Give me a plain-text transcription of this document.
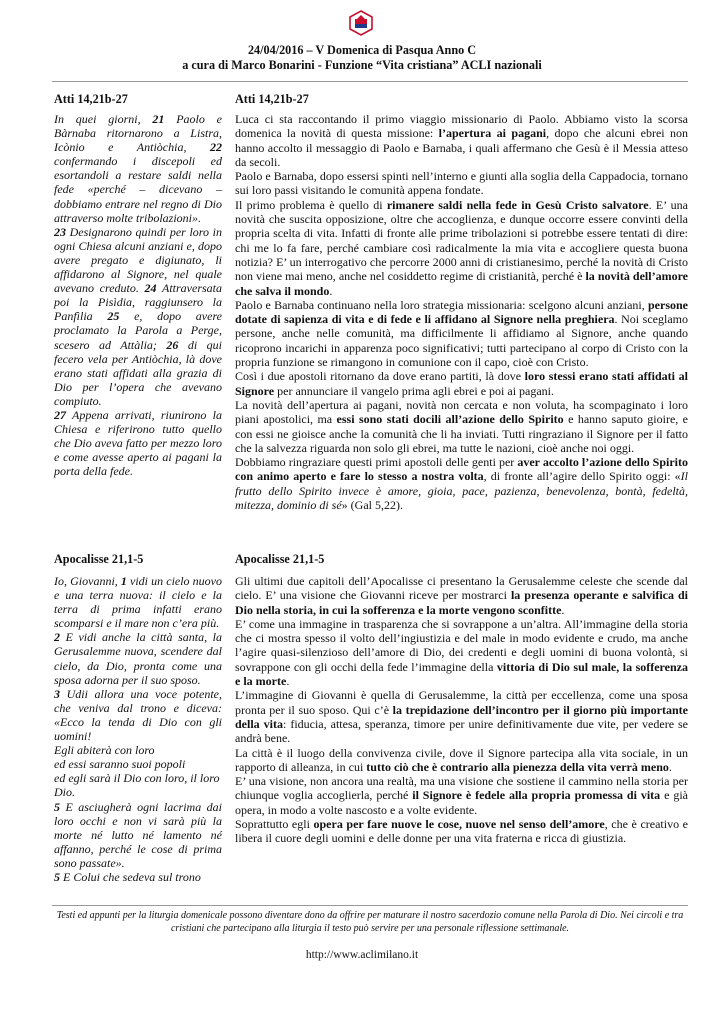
24/04/2016 – V Domenica di Pasqua Anno C
a cura di Marco Bonarini - Funzione “Vita cristiana” ACLI nazionali
Atti 14,21b-27	Atti 14,21b-27

In quei giorni, 21 Paolo e Bàrnaba ritornarono a Listra, Icònio e Antiòchia, 22 confermando i discepoli ed esortandoli a restare saldi nella fede «perché – dicevano – dobbiamo entrare nel regno di Dio attraverso molte tribolazioni».

23 Designarono quindi per loro in ogni Chiesa alcuni anziani e, dopo avere pregato e digiunato, li affidarono al Signore, nel quale avevano creduto. 24 Attraversata poi la Pisìdia, raggiunsero la Panfìlia 25 e, dopo avere proclamato la Parola a Perge, scesero ad Attàlia; 26 di qui fecero vela per Antiòchia, là dove erano stati affidati alla grazia di Dio per l’opera che avevano compiuto.

27 Appena arrivati, riunirono la Chiesa e riferirono tutto quello che Dio aveva fatto per mezzo loro e come avesse aperto ai pagani la porta della fede.

Luca ci sta raccontando il primo viaggio missionario di Paolo. Abbiamo visto la scorsa domenica la novità di questa missione: l’apertura ai pagani, dopo che alcuni ebrei non hanno accolto il messaggio di Paolo e Barnaba, i quali affermano che Gesù è il Messia atteso da secoli.

Paolo e Barnaba, dopo essersi spinti nell’interno e giunti alla soglia della Cappadocia, tornano sui loro passi visitando le comunità appena fondate.

Il primo problema è quello di rimanere saldi nella fede in Gesù Cristo salvatore. E’ una novità che suscita opposizione, oltre che accoglienza, e dunque occorre essere convinti della propria scelta di vita. Infatti di fronte alle prime tribolazioni si potrebbe essere tentati di dire: chi me lo fa fare, perché cambiare così radicalmente la mia vita e accogliere questa buona notizia? E’ un interrogativo che percorre 2000 anni di cristianesimo, perché la novità di Cristo non viene mai meno, anche nel cosiddetto regime di cristianità, perché è la novità dell’amore che salva il mondo.

Paolo e Barnaba continuano nella loro strategia missionaria: scelgono alcuni anziani, persone dotate di sapienza di vita e di fede e li affidano al Signore nella preghiera. Noi sceglamo persone, anche nelle comunità, ma difficilmente li affidiamo al Signore, anche quando ricoprono incarichi in apparenza poco significativi; tutti partecipano al corpo di Cristo con la propria funzione se rimangono in comunione con il capo, cioè con Cristo.

Così i due apostoli ritornano da dove erano partiti, là dove loro stessi erano stati affidati al Signore per annunciare il vangelo prima agli ebrei e poi ai pagani.

La novità dell’apertura ai pagani, novità non cercata e non voluta, ha scompaginato i loro piani apostolici, ma essi sono stati docili all’azione dello Spirito e hanno saputo gioire, e con essi ne gioisce anche la comunità che li ha inviati. Tutti ringraziano il Signore per il fatto che la salvezza riguarda non solo gli ebrei, ma tutte le nazioni, cioè anche noi oggi.

Dobbiamo ringraziare questi primi apostoli delle genti per aver accolto l’azione dello Spirito con animo aperto e fare lo stesso a nostra volta, di fronte all’agire dello Spirito oggi: «Il frutto dello Spirito invece è amore, gioia, pace, pazienza, benevolenza, bontà, fedeltà, mitezza, dominio di sé» (Gal 5,22).

Apocalisse 21,1-5	Apocalisse 21,1-5

Io, Giovanni, 1 vidi un cielo nuovo e una terra nuova: il cielo e la terra di prima infatti erano scomparsi e il mare non c’era più.

2 E vidi anche la città santa, la Gerusalemme nuova, scendere dal cielo, da Dio, pronta come una sposa adorna per il suo sposo.

3 Udii allora una voce potente, che veniva dal trono e diceva: «Ecco la tenda di Dio con gli uomini!

Egli abiterà con loro
ed essi saranno suoi popoli
ed egli sarà il Dio con loro, il loro Dio.

5 E asciugherà ogni lacrima dai loro occhi e non vi sarà più la morte né lutto né lamento né affanno, perché le cose di prima sono passate».

5 E Colui che sedeva sul trono

Gli ultimi due capitoli dell’Apocalisse ci presentano la Gerusalemme celeste che scende dal cielo. E’ una visione che Giovanni riceve per mostrarci la presenza operante e salvifica di Dio nella storia, in cui la sofferenza e la morte vengono sconfitte.

E’ come una immagine in trasparenza che si sovrappone a un’altra. All’immagine della storia che ci mostra spesso il volto dell’ingiustizia e del male in modo evidente e crudo, ma anche l’agire quasi-silenzioso dell’amore di Dio, dei credenti e degli uomini di buona volontà, si sovrappone con gli occhi della fede l’immagine della vittoria di Dio sul male, la sofferenza e la morte.

L’immagine di Giovanni è quella di Gerusalemme, la città per eccellenza, come una sposa pronta per il suo sposo. Qui c’è la trepidazione dell’incontro per il giorno più importante della vita: fiducia, attesa, speranza, timore per unire definitivamente due vite, per vedere se andrà bene.

La città è il luogo della convivenza civile, dove il Signore partecipa alla vita sociale, in un rapporto di alleanza, in cui tutto ciò che è contrario alla pienezza della vita verrà meno.

E’ una visione, non ancora una realtà, ma una visione che sostiene il cammino nella storia per chiunque voglia accoglierla, perché il Signore è fedele alla propria promessa di vita e già opera, in modo a volte nascosto e a volte evidente.

Soprattutto egli opera per fare nuove le cose, nuove nel senso dell’amore, che è creativo e libera il cuore degli uomini e delle donne per una vita fraterna e ricca di giustizia.

Testi ed appunti per la liturgia domenicale possono diventare dono da offrire per maturare il nostro sacerdozio comune nella Parola di Dio. Nei circoli e tra cristiani che partecipano alla liturgia il testo può servire per una personale riflessione settimanale.
http://www.aclimilano.it
